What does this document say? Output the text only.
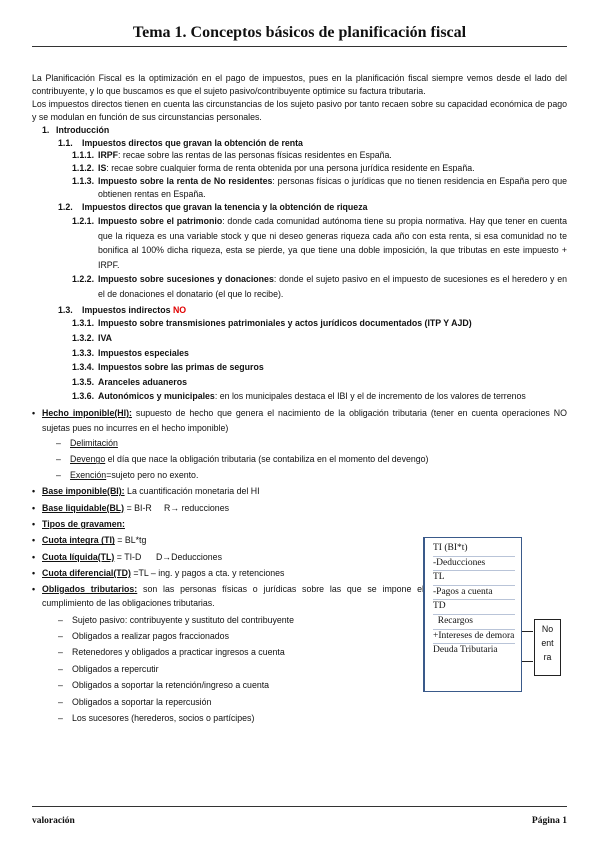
Tema 1. Conceptos básicos de planificación fiscal
La Planificación Fiscal es la optimización en el pago de impuestos, pues en la planificación fiscal siempre vemos desde el lado del contribuyente, y lo que buscamos es que el sujeto pasivo/contribuyente optimice su factura tributaria.
Los impuestos directos tienen en cuenta las circunstancias de los sujeto pasivo por tanto recaen sobre su capacidad económica de pago y se modulan en función de sus circunstancias personales.
1. Introducción
1.1. Impuestos directos que gravan la obtención de renta
1.1.1. IRPF: recae sobre las rentas de las personas físicas residentes en España.
1.1.2. IS: recae sobre cualquier forma de renta obtenida por una persona jurídica residente en España.
1.1.3. Impuesto sobre la renta de No residentes: personas físicas o jurídicas que no tienen residencia en España pero que obtienen rentas en España.
1.2. Impuestos directos que gravan la tenencia y la obtención de riqueza
1.2.1. Impuesto sobre el patrimonio: donde cada comunidad autónoma tiene su propia normativa. Hay que tener en cuenta que la riqueza es una variable stock y que ni deseo generas riqueza cada año con esta renta, si esa comunidad no te bonifica al 100% dicha riqueza, esta se pierde, ya que tiene una doble imposición, la que tributas en este impuesto + IRPF.
1.2.2. Impuesto sobre sucesiones y donaciones: donde el sujeto pasivo en el impuesto de sucesiones es el heredero y en el de donaciones el donatario (el que lo recibe).
1.3. Impuestos indirectos NO
1.3.1. Impuesto sobre transmisiones patrimoniales y actos jurídicos documentados (ITP Y AJD)
1.3.2. IVA
1.3.3. Impuestos especiales
1.3.4. Impuestos sobre las primas de seguros
1.3.5. Aranceles aduaneros
1.3.6. Autonómicos y municipales: en los municipales destaca el IBI y el de incremento de los valores de terrenos
• Hecho imponible(HI): supuesto de hecho que genera el nacimiento de la obligación tributaria (tener en cuenta operaciones NO sujetas pues no incurres en el hecho imponible)
– Delimitación
– Devengo el día que nace la obligación tributaria (se contabiliza en el momento del devengo)
– Exención=sujeto pero no exento.
• Base imponible(BI): La cuantificación monetaria del HI
• Base liquidable(BL) = BI-R     R→ reducciones
• Tipos de gravamen:
• Cuota integra (TI) = BL*tg
• Cuota líquida(TL) = TI-D      D→Deducciones
• Cuota diferencial(TD) =TL – ing. y pagos a cta. y retenciones
• Obligados tributarios: son las personas físicas o jurídicas sobre las que se impone el cumplimiento de las obligaciones tributarias.
– Sujeto pasivo: contribuyente y sustituto del contribuyente
– Obligados a realizar pagos fraccionados
– Retenedores y obligados a practicar ingresos a cuenta
– Obligados a repercutir
– Obligados a soportar la retención/ingreso a cuenta
– Obligados a soportar la repercusión
– Los sucesores (herederos, socios o partícipes)
TI (BI*t)
-Deducciones
TL
-Pagos a cuenta
TD
Recargos
+Intereses de demora
Deuda Tributaria
No
ent
ra
valoración	Página 1
